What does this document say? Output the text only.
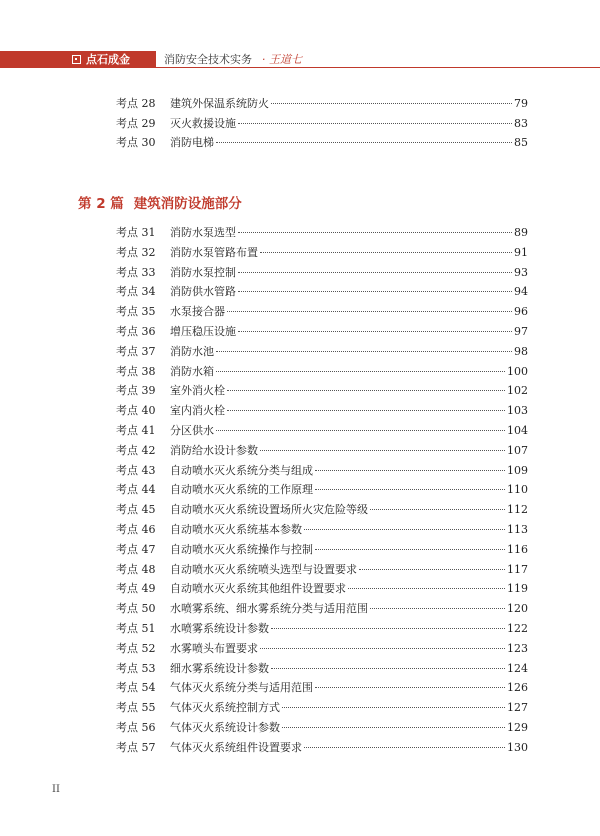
点石成金	消防安全技术实务 · 王道七
考点 28	建筑外保温系统防火	79
考点 29	灭火救援设施	83
考点 30	消防电梯	85
第 2 篇 建筑消防设施部分
考点 31	消防水泵选型	89
考点 32	消防水泵管路布置	91
考点 33	消防水泵控制	93
考点 34	消防供水管路	94
考点 35	水泵接合器	96
考点 36	增压稳压设施	97
考点 37	消防水池	98
考点 38	消防水箱	100
考点 39	室外消火栓	102
考点 40	室内消火栓	103
考点 41	分区供水	104
考点 42	消防给水设计参数	107
考点 43	自动喷水灭火系统分类与组成	109
考点 44	自动喷水灭火系统的工作原理	110
考点 45	自动喷水灭火系统设置场所火灾危险等级	112
考点 46	自动喷水灭火系统基本参数	113
考点 47	自动喷水灭火系统操作与控制	116
考点 48	自动喷水灭火系统喷头选型与设置要求	117
考点 49	自动喷水灭火系统其他组件设置要求	119
考点 50	水喷雾系统、细水雾系统分类与适用范围	120
考点 51	水喷雾系统设计参数	122
考点 52	水雾喷头布置要求	123
考点 53	细水雾系统设计参数	124
考点 54	气体灭火系统分类与适用范围	126
考点 55	气体灭火系统控制方式	127
考点 56	气体灭火系统设计参数	129
考点 57	气体灭火系统组件设置要求	130
II
